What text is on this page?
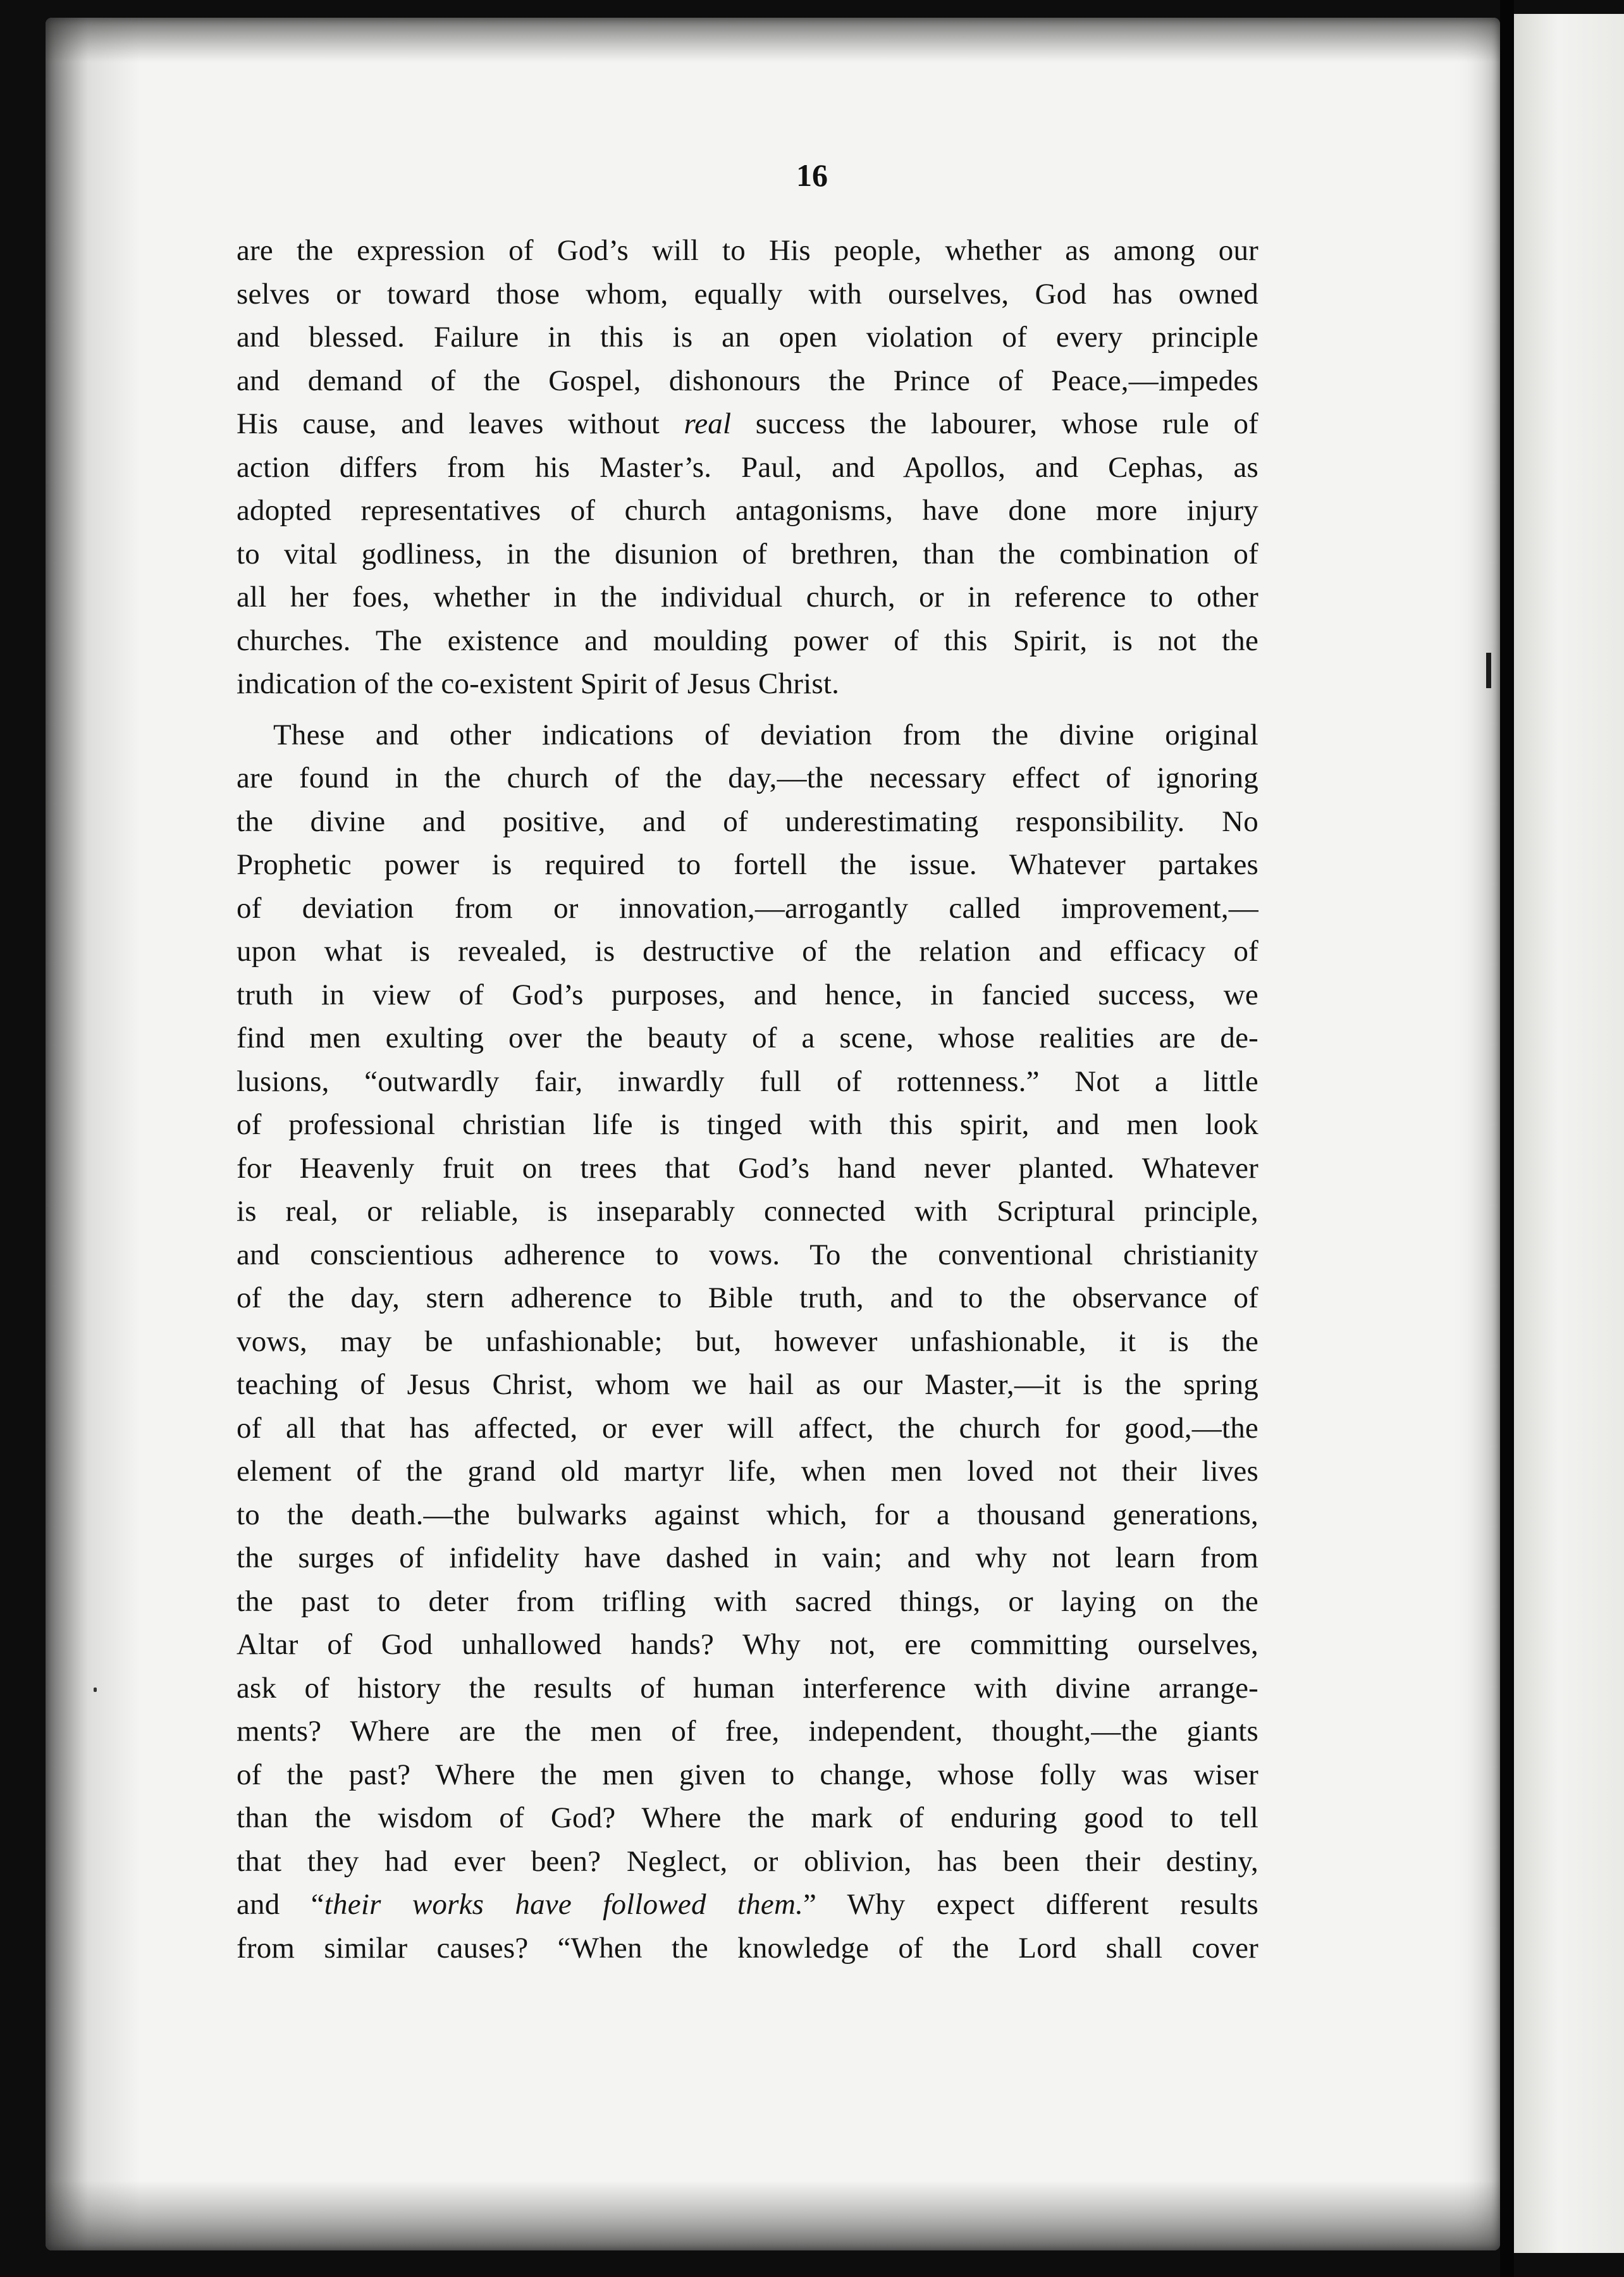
16
are the expression of God’s will to His people, whether as among our
selves or toward those whom, equally with ourselves, God has owned
and blessed. Failure in this is an open violation of every principle
and demand of the Gospel, dishonours the Prince of Peace,—impedes
His cause, and leaves without real success the labourer, whose rule of
action differs from his Master’s. Paul, and Apollos, and Cephas, as
adopted representatives of church antagonisms, have done more injury
to vital godliness, in the disunion of brethren, than the combination of
all her foes, whether in the individual church, or in reference to other
churches. The existence and moulding power of this Spirit, is not the
indication of the co-existent Spirit of Jesus Christ.
These and other indications of deviation from the divine original
are found in the church of the day,—the necessary effect of ignoring
the divine and positive, and of underestimating responsibility. No
Prophetic power is required to fortell the issue. Whatever partakes
of deviation from or innovation,—arrogantly called improvement,—
upon what is revealed, is destructive of the relation and efficacy of
truth in view of God’s purposes, and hence, in fancied success, we
find men exulting over the beauty of a scene, whose realities are de-
lusions, “outwardly fair, inwardly full of rottenness.” Not a little
of professional christian life is tinged with this spirit, and men look
for Heavenly fruit on trees that God’s hand never planted. Whatever
is real, or reliable, is inseparably connected with Scriptural principle,
and conscientious adherence to vows. To the conventional christianity
of the day, stern adherence to Bible truth, and to the observance of
vows, may be unfashionable; but, however unfashionable, it is the
teaching of Jesus Christ, whom we hail as our Master,—it is the spring
of all that has affected, or ever will affect, the church for good,—the
element of the grand old martyr life, when men loved not their lives
to the death.—the bulwarks against which, for a thousand generations,
the surges of infidelity have dashed in vain; and why not learn from
the past to deter from trifling with sacred things, or laying on the
Altar of God unhallowed hands? Why not, ere committing ourselves,
ask of history the results of human interference with divine arrange-
ments? Where are the men of free, independent, thought,—the giants
of the past? Where the men given to change, whose folly was wiser
than the wisdom of God? Where the mark of enduring good to tell
that they had ever been? Neglect, or oblivion, has been their destiny,
and “their works have followed them.” Why expect different results
from similar causes? “When the knowledge of the Lord shall cover
